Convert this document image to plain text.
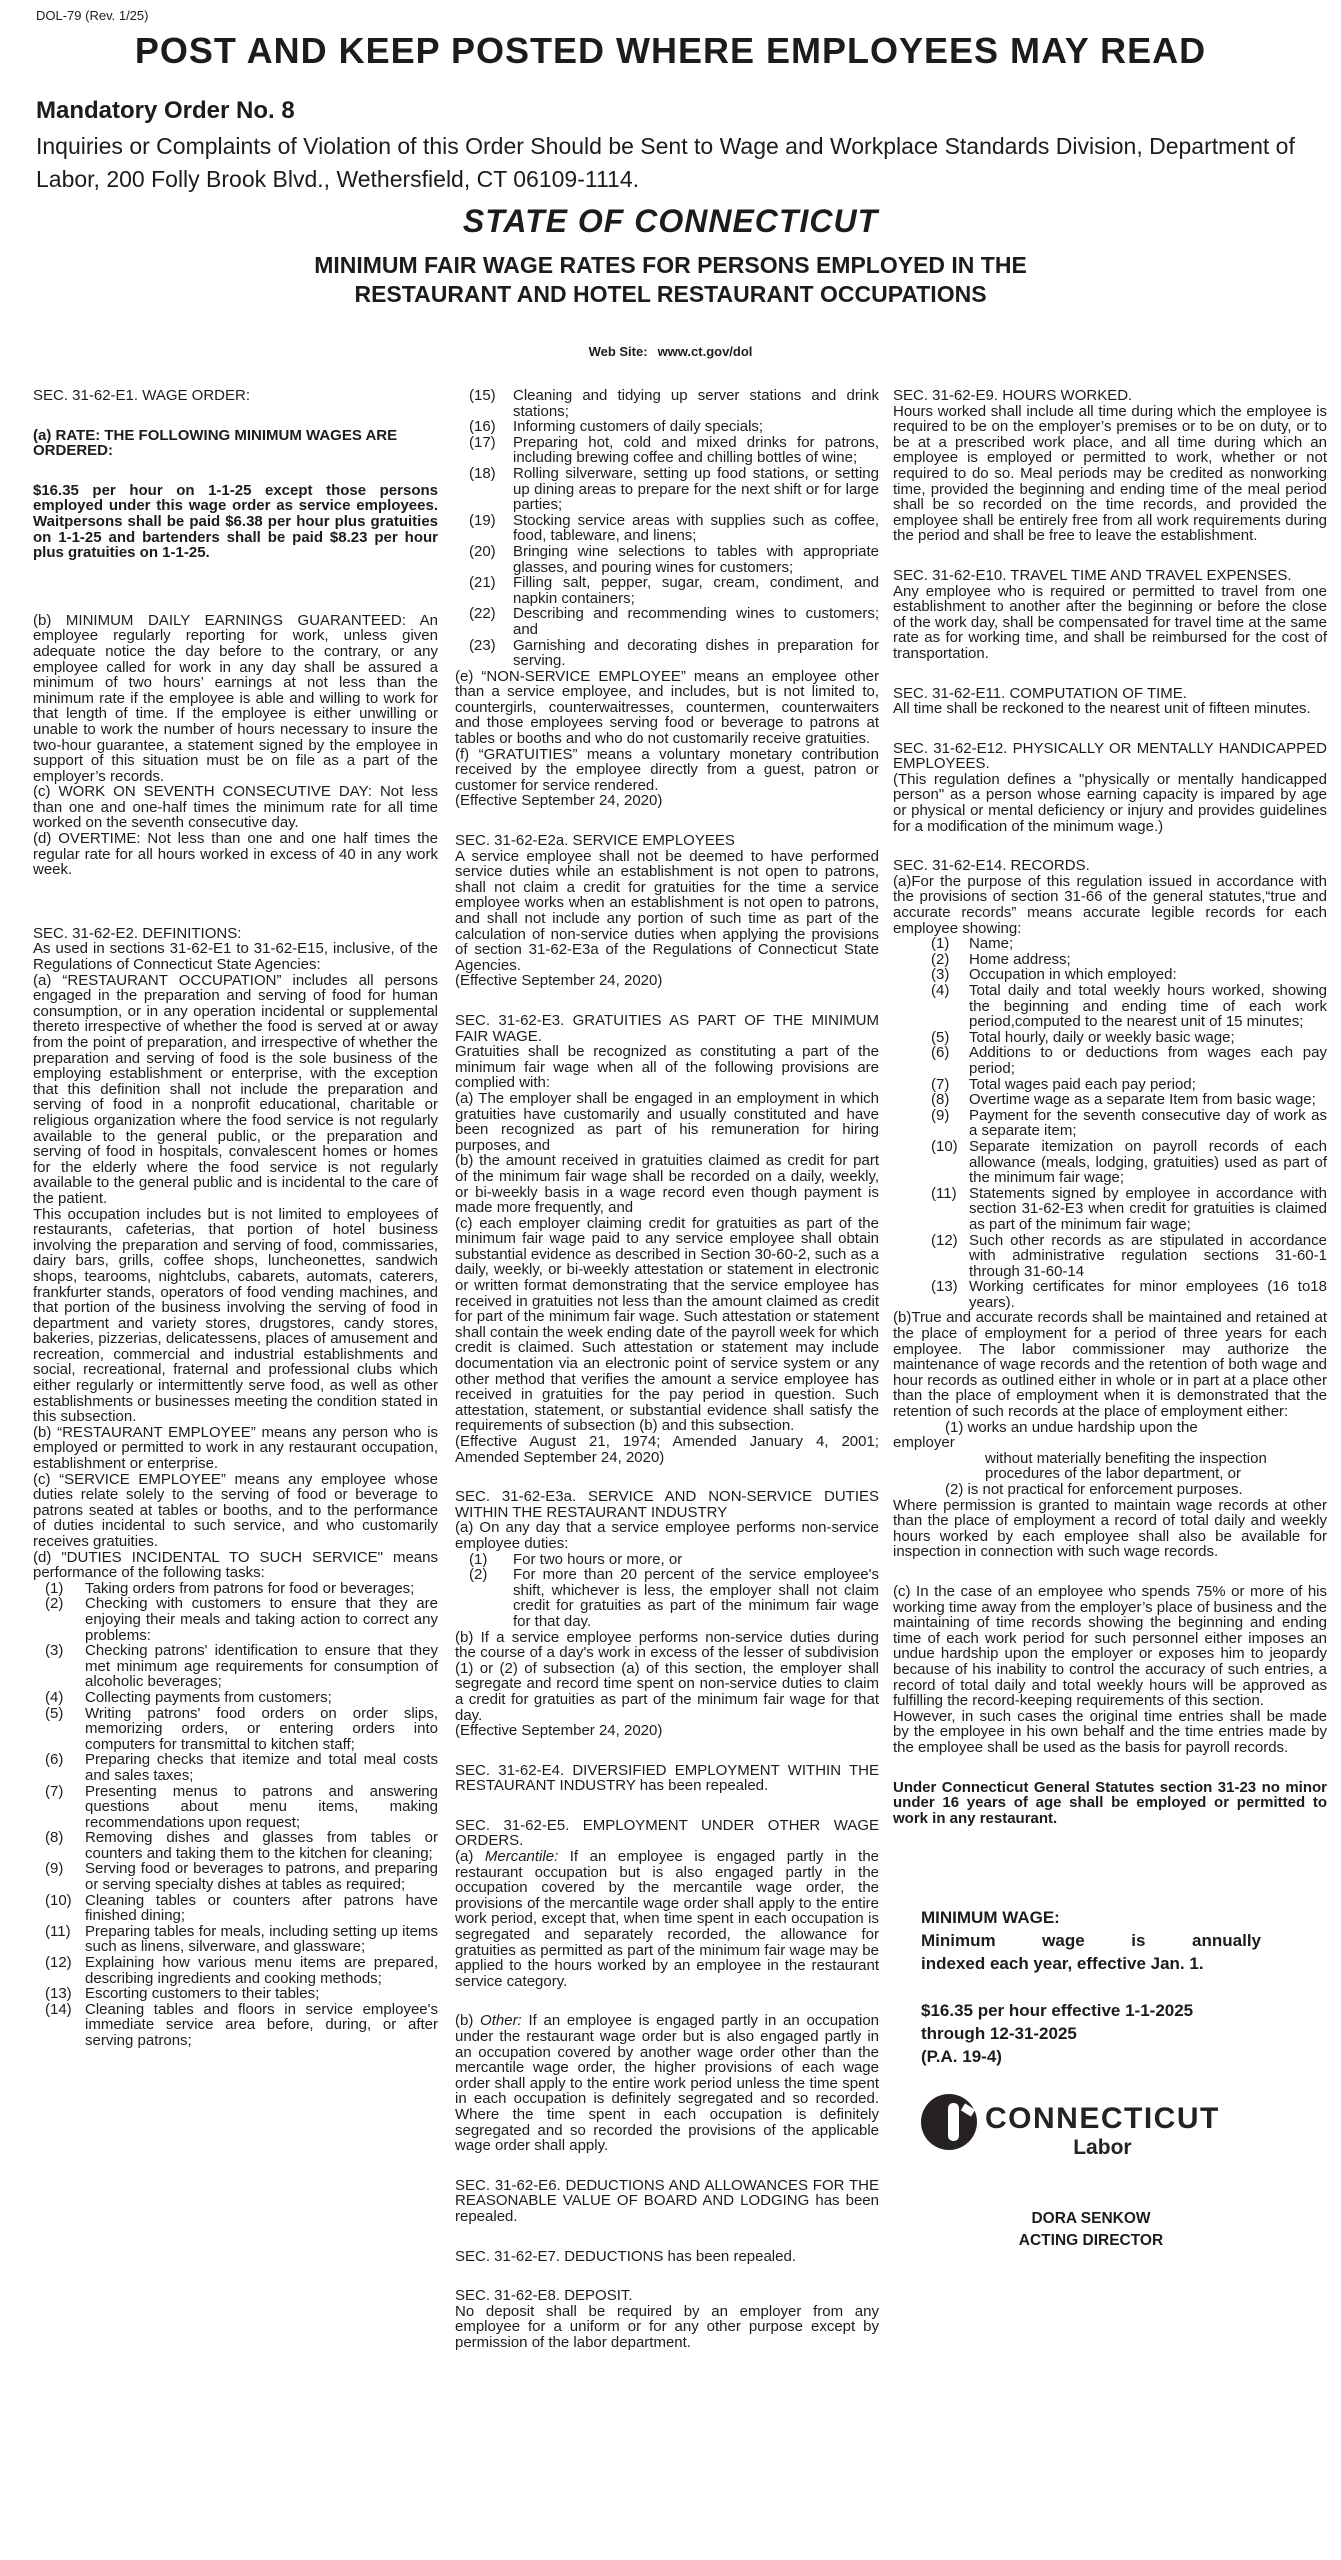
DOL-79 (Rev. 1/25)
POST AND KEEP POSTED WHERE EMPLOYEES MAY READ
Mandatory Order No. 8
Inquiries or Complaints of Violation of this Order Should be Sent to Wage and Workplace Standards Division, Department of Labor, 200 Folly Brook Blvd., Wethersfield, CT 06109-1114.
STATE OF CONNECTICUT
MINIMUM FAIR WAGE RATES FOR PERSONS EMPLOYED IN THE
RESTAURANT AND HOTEL RESTAURANT OCCUPATIONS
Web Site: www.ct.gov/dol
SEC. 31-62-E1. WAGE ORDER:
(a) RATE: THE FOLLOWING MINIMUM WAGES ARE ORDERED:
$16.35 per hour on 1-1-25 except those persons employed under this wage order as service employees. Waitpersons shall be paid $6.38 per hour plus gratuities on 1-1-25 and bartenders shall be paid $8.23 per hour plus gratuities on 1-1-25.
(b) MINIMUM DAILY EARNINGS GUARANTEED: An employee regularly reporting for work, unless given adequate notice the day before to the contrary, or any employee called for work in any day shall be assured a minimum of two hours’ earnings at not less than the minimum rate if the employee is able and willing to work for that length of time. If the employee is either unwilling or unable to work the number of hours necessary to insure the two-hour guarantee, a statement signed by the employee in support of this situation must be on file as a part of the employer’s records.
(c) WORK ON SEVENTH CONSECUTIVE DAY: Not less than one and one-half times the minimum rate for all time worked on the seventh consecutive day.
(d) OVERTIME: Not less than one and one half times the regular rate for all hours worked in excess of 40 in any work week.
SEC. 31-62-E2. DEFINITIONS:
As used in sections 31-62-E1 to 31-62-E15, inclusive, of the Regulations of Connecticut State Agencies:
(a) “RESTAURANT OCCUPATION” includes all persons engaged in the preparation and serving of food for human consumption, or in any operation incidental or supplemental thereto irrespective of whether the food is served at or away from the point of preparation, and irrespective of whether the preparation and serving of food is the sole business of the employing establishment or enterprise, with the exception that this definition shall not include the preparation and serving of food in a nonprofit educational, charitable or religious organization where the food service is not regularly available to the general public, or the preparation and serving of food in hospitals, convalescent homes or homes for the elderly where the food service is not regularly available to the general public and is incidental to the care of the patient.
This occupation includes but is not limited to employees of restaurants, cafeterias, that portion of hotel business involving the preparation and serving of food, commissaries, dairy bars, grills, coffee shops, luncheonettes, sandwich shops, tearooms, nightclubs, cabarets, automats, caterers, frankfurter stands, operators of food vending machines, and that portion of the business involving the serving of food in department and variety stores, drugstores, candy stores, bakeries, pizzerias, delicatessens, places of amusement and recreation, commercial and industrial establishments and social, recreational, fraternal and professional clubs which either regularly or intermittently serve food, as well as other establishments or businesses meeting the condition stated in this subsection.
(b) “RESTAURANT EMPLOYEE” means any person who is employed or permitted to work in any restaurant occupation, establishment or enterprise.
(c) “SERVICE EMPLOYEE” means any employee whose duties relate solely to the serving of food or beverage to patrons seated at tables or booths, and to the performance of duties incidental to such service, and who customarily receives gratuities.
(d) "DUTIES INCIDENTAL TO SUCH SERVICE" means performance of the following tasks:
(1) Taking orders from patrons for food or beverages;
(2) Checking with customers to ensure that they are enjoying their meals and taking action to correct any problems:
(3) Checking patrons' identification to ensure that they met minimum age requirements for consumption of alcoholic beverages;
(4) Collecting payments from customers;
(5) Writing patrons' food orders on order slips, memorizing orders, or entering orders into computers for transmittal to kitchen staff;
(6) Preparing checks that itemize and total meal costs and sales taxes;
(7) Presenting menus to patrons and answering questions about menu items, making recommendations upon request;
(8) Removing dishes and glasses from tables or counters and taking them to the kitchen for cleaning;
(9) Serving food or beverages to patrons, and preparing or serving specialty dishes at tables as required;
(10) Cleaning tables or counters after patrons have finished dining;
(11) Preparing tables for meals, including setting up items such as linens, silverware, and glassware;
(12) Explaining how various menu items are prepared, describing ingredients and cooking methods;
(13) Escorting customers to their tables;
(14) Cleaning tables and floors in service employee's immediate service area before, during, or after serving patrons;
(15) Cleaning and tidying up server stations and drink stations;
(16) Informing customers of daily specials;
(17) Preparing hot, cold and mixed drinks for patrons, including brewing coffee and chilling bottles of wine;
(18) Rolling silverware, setting up food stations, or setting up dining areas to prepare for the next shift or for large parties;
(19) Stocking service areas with supplies such as coffee, food, tableware, and linens;
(20) Bringing wine selections to tables with appropriate glasses, and pouring wines for customers;
(21) Filling salt, pepper, sugar, cream, condiment, and napkin containers;
(22) Describing and recommending wines to customers; and
(23) Garnishing and decorating dishes in preparation for serving.
(e) “NON-SERVICE EMPLOYEE” means an employee other than a service employee, and includes, but is not limited to, countergirls, counterwaitresses, countermen, counterwaiters and those employees serving food or beverage to patrons at tables or booths and who do not customarily receive gratuities.
(f) “GRATUITIES” means a voluntary monetary contribution received by the employee directly from a guest, patron or customer for service rendered.
(Effective September 24, 2020)
SEC. 31-62-E2a. SERVICE EMPLOYEES
A service employee shall not be deemed to have performed service duties while an establishment is not open to patrons, shall not claim a credit for gratuities for the time a service employee works when an establishment is not open to patrons, and shall not include any portion of such time as part of the calculation of non-service duties when applying the provisions of section 31-62-E3a of the Regulations of Connecticut State Agencies.
(Effective September 24, 2020)
SEC. 31-62-E3. GRATUITIES AS PART OF THE MINIMUM FAIR WAGE.
Gratuities shall be recognized as constituting a part of the minimum fair wage when all of the following provisions are complied with:
(a) The employer shall be engaged in an employment in which gratuities have customarily and usually constituted and have been recognized as part of his remuneration for hiring purposes, and
(b) the amount received in gratuities claimed as credit for part of the minimum fair wage shall be recorded on a daily, weekly, or bi-weekly basis in a wage record even though payment is made more frequently, and
(c) each employer claiming credit for gratuities as part of the minimum fair wage paid to any service employee shall obtain substantial evidence as described in Section 30-60-2, such as a daily, weekly, or bi-weekly attestation or statement in electronic or written format demonstrating that the service employee has received in gratuities not less than the amount claimed as credit for part of the minimum fair wage. Such attestation or statement shall contain the week ending date of the payroll week for which credit is claimed. Such attestation or statement may include documentation via an electronic point of service system or any other method that verifies the amount a service employee has received in gratuities for the pay period in question. Such attestation, statement, or substantial evidence shall satisfy the requirements of subsection (b) and this subsection.
(Effective August 21, 1974; Amended January 4, 2001; Amended September 24, 2020)
SEC. 31-62-E3a. SERVICE AND NON-SERVICE DUTIES WITHIN THE RESTAURANT INDUSTRY
(a) On any day that a service employee performs non-service employee duties:
(1) For two hours or more, or
(2) For more than 20 percent of the service employee's shift, whichever is less, the employer shall not claim credit for gratuities as part of the minimum fair wage for that day.
(b) If a service employee performs non-service duties during the course of a day's work in excess of the lesser of subdivision (1) or (2) of subsection (a) of this section, the employer shall segregate and record time spent on non-service duties to claim a credit for gratuities as part of the minimum fair wage for that day.
(Effective September 24, 2020)
SEC. 31-62-E4. DIVERSIFIED EMPLOYMENT WITHIN THE RESTAURANT INDUSTRY has been repealed.
SEC. 31-62-E5. EMPLOYMENT UNDER OTHER WAGE ORDERS.
(a) Mercantile: If an employee is engaged partly in the restaurant occupation but is also engaged partly in the occupation covered by the mercantile wage order, the provisions of the mercantile wage order shall apply to the entire work period, except that, when time spent in each occupation is segregated and separately recorded, the allowance for gratuities as permitted as part of the minimum fair wage may be applied to the hours worked by an employee in the restaurant service category.
(b) Other: If an employee is engaged partly in an occupation under the restaurant wage order but is also engaged partly in an occupation covered by another wage order other than the mercantile wage order, the higher provisions of each wage order shall apply to the entire work period unless the time spent in each occupation is definitely segregated and so recorded. Where the time spent in each occupation is definitely segregated and so recorded the provisions of the applicable wage order shall apply.
SEC. 31-62-E6. DEDUCTIONS AND ALLOWANCES FOR THE REASONABLE VALUE OF BOARD AND LODGING has been repealed.
SEC. 31-62-E7. DEDUCTIONS has been repealed.
SEC. 31-62-E8. DEPOSIT.
No deposit shall be required by an employer from any employee for a uniform or for any other purpose except by permission of the labor department.
SEC. 31-62-E9. HOURS WORKED.
Hours worked shall include all time during which the employee is required to be on the employer’s premises or to be on duty, or to be at a prescribed work place, and all time during which an employee is employed or permitted to work, whether or not required to do so. Meal periods may be credited as nonworking time, provided the beginning and ending time of the meal period shall be so recorded on the time records, and provided the employee shall be entirely free from all work requirements during the period and shall be free to leave the establishment.
SEC. 31-62-E10. TRAVEL TIME AND TRAVEL EXPENSES.
Any employee who is required or permitted to travel from one establishment to another after the beginning or before the close of the work day, shall be compensated for travel time at the same rate as for working time, and shall be reimbursed for the cost of transportation.
SEC. 31-62-E11. COMPUTATION OF TIME.
All time shall be reckoned to the nearest unit of fifteen minutes.
SEC. 31-62-E12. PHYSICALLY OR MENTALLY HANDICAPPED EMPLOYEES.
(This regulation defines a "physically or mentally handicapped person" as a person whose earning capacity is impared by age or physical or mental deficiency or injury and provides guidelines for a modification of the minimum wage.)
SEC. 31-62-E14. RECORDS.
(a)For the purpose of this regulation issued in accordance with the provisions of section 31-66 of the general statutes,“true and accurate records” means accurate legible records for each employee showing:
(1) Name;
(2) Home address;
(3) Occupation in which employed:
(4) Total daily and total weekly hours worked, showing the beginning and ending time of each work period,computed to the nearest unit of 15 minutes;
(5) Total hourly, daily or weekly basic wage;
(6) Additions to or deductions from wages each pay period;
(7) Total wages paid each pay period;
(8) Overtime wage as a separate Item from basic wage;
(9) Payment for the seventh consecutive day of work as a separate item;
(10) Separate itemization on payroll records of each allowance (meals, lodging, gratuities) used as part of the minimum fair wage;
(11) Statements signed by employee in accordance with section 31-62-E3 when credit for gratuities is claimed as part of the minimum fair wage;
(12) Such other records as are stipulated in accordance with administrative regulation sections 31-60-1 through 31-60-14
(13) Working certificates for minor employees (16 to18 years).
(b)True and accurate records shall be maintained and retained at the place of employment for a period of three years for each employee. The labor commissioner may authorize the maintenance of wage records and the retention of both wage and hour records as outlined either in whole or in part at a place other than the place of employment when it is demonstrated that the retention of such records at the place of employment either:
(1) works an undue hardship upon the
employer
without materially benefiting the inspection procedures of the labor department, or
(2) is not practical for enforcement purposes.
Where permission is granted to maintain wage records at other than the place of employment a record of total daily and weekly hours worked by each employee shall also be available for inspection in connection with such wage records.
(c) In the case of an employee who spends 75% or more of his working time away from the employer’s place of business and the maintaining of time records showing the beginning and ending time of each work period for such personnel either imposes an undue hardship upon the employer or exposes him to jeopardy because of his inability to control the accuracy of such entries, a record of total daily and total weekly hours will be approved as fulfilling the record-keeping requirements of this section.
However, in such cases the original time entries shall be made by the employee in his own behalf and the time entries made by the employee shall be used as the basis for payroll records.
Under Connecticut General Statutes section 31-23 no minor under 16 years of age shall be employed or permitted to work in any restaurant.
MINIMUM WAGE:
Minimum wage is annually
indexed each year, effective Jan. 1.
$16.35 per hour effective 1-1-2025
through 12-31-2025
(P.A. 19-4)
CONNECTICUT
Labor
DORA SENKOW
ACTING DIRECTOR
